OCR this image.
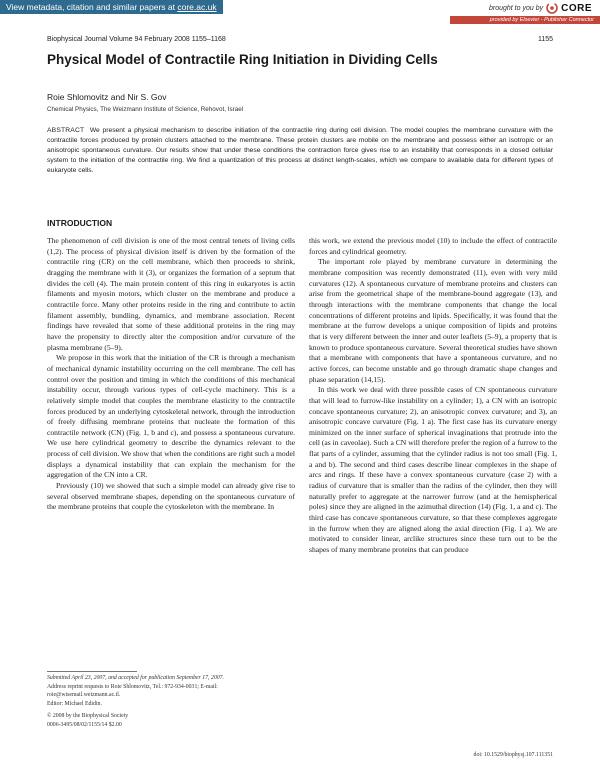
View metadata, citation and similar papers at core.ac.uk	brought to you by CORE
provided by Elsevier - Publisher Connector
Biophysical Journal Volume 94 February 2008 1155–1168	1155
Physical Model of Contractile Ring Initiation in Dividing Cells
Roie Shlomovitz and Nir S. Gov
Chemical Physics, The Weizmann Institute of Science, Rehovot, Israel

ABSTRACT We present a physical mechanism to describe initiation of the contractile ring during cell division. The model couples the membrane curvature with the contractile forces produced by protein clusters attached to the membrane. These protein clusters are mobile on the membrane and possess either an isotropic or an anisotropic spontaneous curvature. Our results show that under these conditions the contraction force gives rise to an instability that corresponds in a closed cellular system to the initiation of the contractile ring. We find a quantization of this process at distinct length-scales, which we compare to available data for different types of eukaryote cells.

INTRODUCTION

The phenomenon of cell division is one of the most central tenets of living cells (1,2). The process of physical division itself is driven by the formation of the contractile ring (CR) on the cell membrane, which then proceeds to shrink, dragging the membrane with it (3), or organizes the formation of a septum that divides the cell (4). The main protein content of this ring in eukaryotes is actin filaments and myosin motors, which cluster on the membrane and produce a contractile force. Many other proteins reside in the ring and contribute to actin filament assembly, bundling, dynamics, and membrane association. Recent findings have revealed that some of these additional proteins in the ring may have the propensity to directly alter the composition and/or curvature of the plasma membrane (5–9).

We propose in this work that the initiation of the CR is through a mechanism of mechanical dynamic instability occurring on the cell membrane. The cell has control over the position and timing in which the conditions of this mechanical instability occur, through various types of cell-cycle machinery. This is a relatively simple model that couples the membrane elasticity to the contractile forces produced by an underlying cytoskeletal network, through the introduction of freely diffusing membrane proteins that nucleate the formation of this contractile network (CN) (Fig. 1, b and c), and possess a spontaneous curvature. We use here cylindrical geometry to describe the dynamics relevant to the process of cell division. We show that when the conditions are right such a model displays a dynamical instability that can explain the mechanism for the aggregation of the CN into a CR.

Previously (10) we showed that such a simple model can already give rise to several observed membrane shapes, depending on the spontaneous curvature of the membrane proteins that couple the cytoskeleton with the membrane. In

this work, we extend the previous model (10) to include the effect of contractile forces and cylindrical geometry.

The important role played by membrane curvature in determining the membrane composition was recently demonstrated (11), even with very mild curvatures (12). A spontaneous curvature of membrane proteins and clusters can arise from the geometrical shape of the membrane-bound aggregate (13), and through interactions with the membrane components that change the local concentrations of different proteins and lipids. Specifically, it was found that the membrane at the furrow develops a unique composition of lipids and proteins that is very different between the inner and outer leaflets (5–9), a property that is known to produce spontaneous curvature. Several theoretical studies have shown that a membrane with components that have a spontaneous curvature, and no active forces, can become unstable and go through dramatic shape changes and phase separation (14,15).

In this work we deal with three possible cases of CN spontaneous curvature that will lead to furrow-like instability on a cylinder; 1), a CN with an isotropic concave spontaneous curvature; 2), an anisotropic convex curvature; and 3), an anisotropic concave curvature (Fig. 1 a). The first case has its curvature energy minimized on the inner surface of spherical invaginations that protrude into the cell (as in caveolae). Such a CN will therefore prefer the region of a furrow to the flat parts of a cylinder, assuming that the cylinder radius is not too small (Fig. 1, a and b). The second and third cases describe linear complexes in the shape of arcs and rings. If these have a convex spontaneous curvature (case 2) with a radius of curvature that is smaller than the radius of the cylinder, then they will naturally prefer to aggregate at the narrower furrow (and at the hemispherical poles) since they are aligned in the azimuthal direction (14) (Fig. 1, a and c). The third case has concave spontaneous curvature, so that these complexes aggregate in the furrow when they are aligned along the axial direction (Fig. 1 a). We are motivated to consider linear, arclike structures since these turn out to be the shapes of many membrane proteins that can produce

Submitted April 23, 2007, and accepted for publication September 17, 2007.
Address reprint requests to Roie Shlomovitz, Tel.: 972-934-0031; E-mail:
roie@wisemail.weizmann.ac.il.
Editor: Michael Edidin.
© 2008 by the Biophysical Society
0006-3495/08/02/1155/14 $2.00
doi: 10.1529/biophysj.107.111351
